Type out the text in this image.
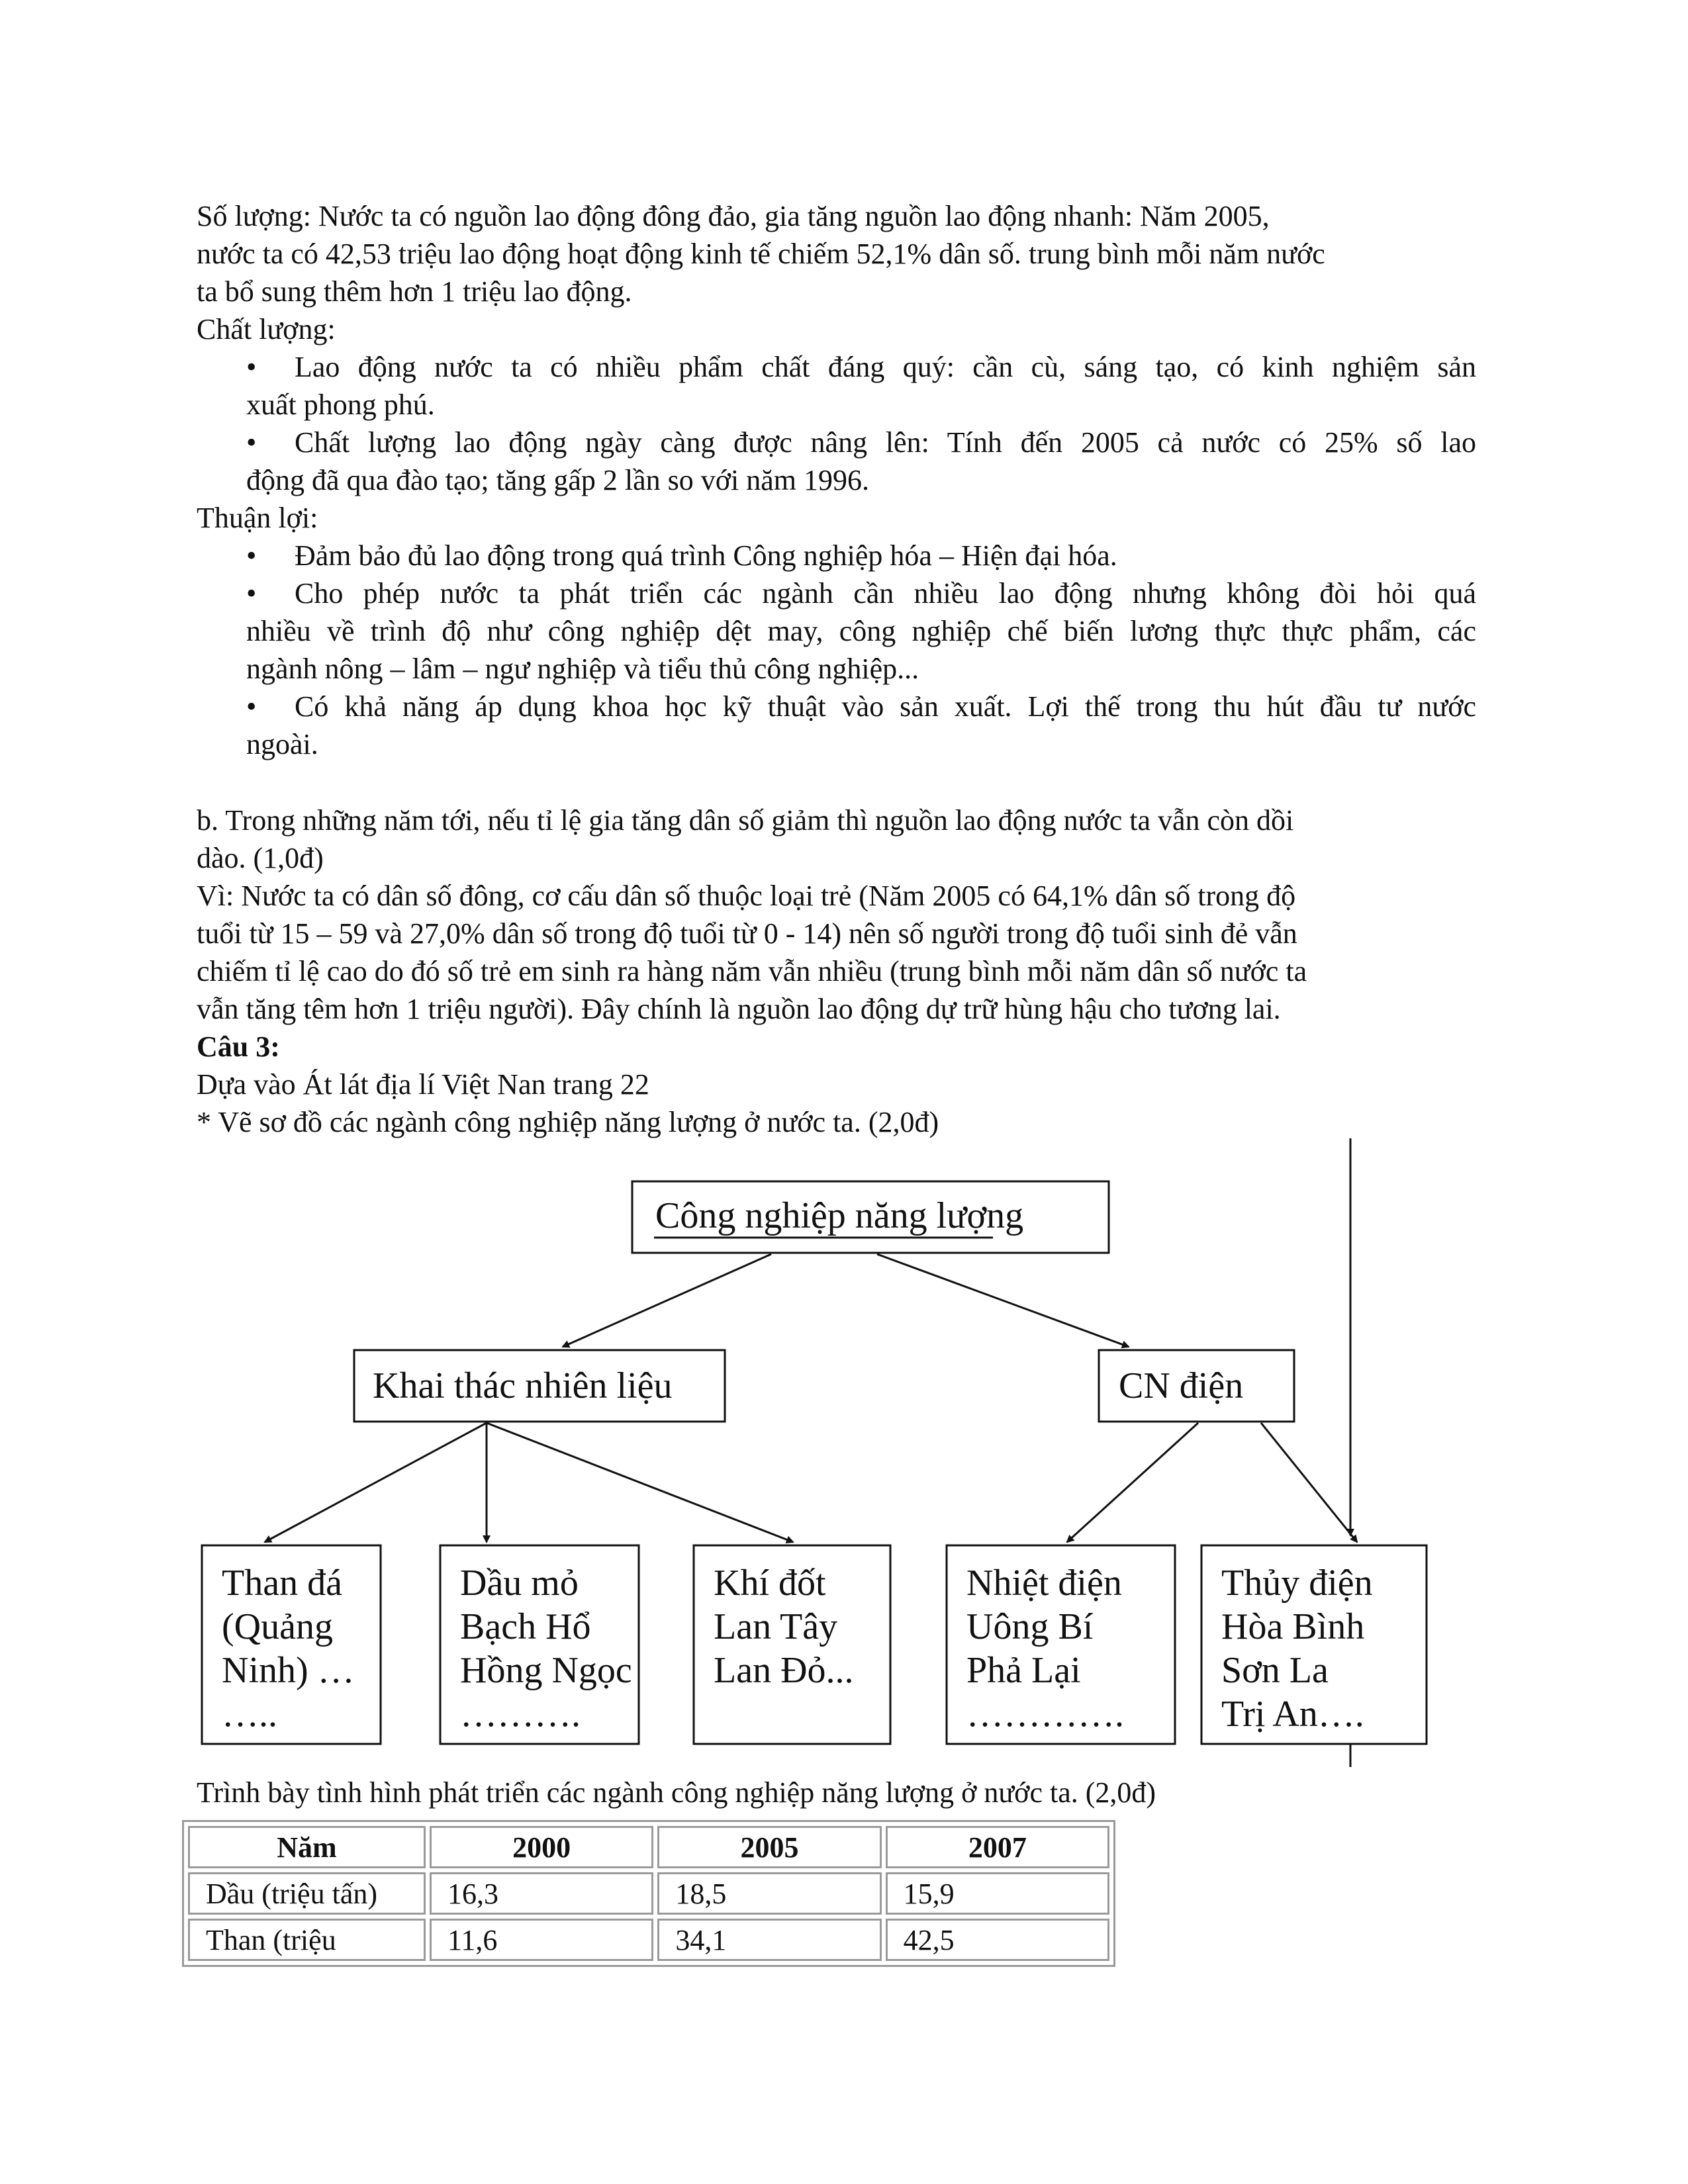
Số lượng: Nước ta có nguồn lao động đông đảo, gia tăng nguồn lao động nhanh: Năm 2005,
nước ta có 42,53 triệu lao động hoạt động kinh tế chiếm 52,1% dân số. trung bình mỗi năm nước
ta bổ sung thêm hơn 1 triệu lao động.
Chất lượng:
• Lao động nước ta có nhiều phẩm chất đáng quý: cần cù, sáng tạo, có kinh nghiệm sản
xuất phong phú.
• Chất lượng lao động ngày càng được nâng lên: Tính đến 2005 cả nước có 25% số lao
động đã qua đào tạo; tăng gấp 2 lần so với năm 1996.
Thuận lợi:
• Đảm bảo đủ lao động trong quá trình Công nghiệp hóa – Hiện đại hóa.
• Cho phép nước ta phát triển các ngành cần nhiều lao động nhưng không đòi hỏi quá
nhiều về trình độ như công nghiệp dệt may, công nghiệp chế biến lương thực thực phẩm, các
ngành nông – lâm – ngư nghiệp và tiểu thủ công nghiệp...
• Có khả năng áp dụng khoa học kỹ thuật vào sản xuất. Lợi thế trong thu hút đầu tư nước
ngoài.
b. Trong những năm tới, nếu tỉ lệ gia tăng dân số giảm thì nguồn lao động nước ta vẫn còn dồi
dào. (1,0đ)
Vì: Nước ta có dân số đông, cơ cấu dân số thuộc loại trẻ (Năm 2005 có 64,1% dân số trong độ
tuổi từ 15 – 59 và 27,0% dân số trong độ tuổi từ 0 - 14) nên số người trong độ tuổi sinh đẻ vẫn
chiếm tỉ lệ cao do đó số trẻ em sinh ra hàng năm vẫn nhiều (trung bình mỗi năm dân số nước ta
vẫn tăng têm hơn 1 triệu người). Đây chính là nguồn lao động dự trữ hùng hậu cho tương lai.
Câu 3:
Dựa vào Át lát địa lí Việt Nan trang 22
* Vẽ sơ đồ các ngành công nghiệp năng lượng ở nước ta. (2,0đ)
Công nghiệp năng lượng
Khai thác nhiên liệu	CN điện
Than đá
(Quảng
Ninh) …
…..
Dầu mỏ
Bạch Hổ
Hồng Ngọc
……….
Khí đốt
Lan Tây
Lan Đỏ...
Nhiệt điện
Uông Bí
Phả Lại
………….
Thủy điện
Hòa Bình
Sơn La
Trị An….
Trình bày tình hình phát triển các ngành công nghiệp năng lượng ở nước ta. (2,0đ)
Năm	2000	2005	2007
Dầu (triệu tấn)	16,3	18,5	15,9
Than (triệu	11,6	34,1	42,5
